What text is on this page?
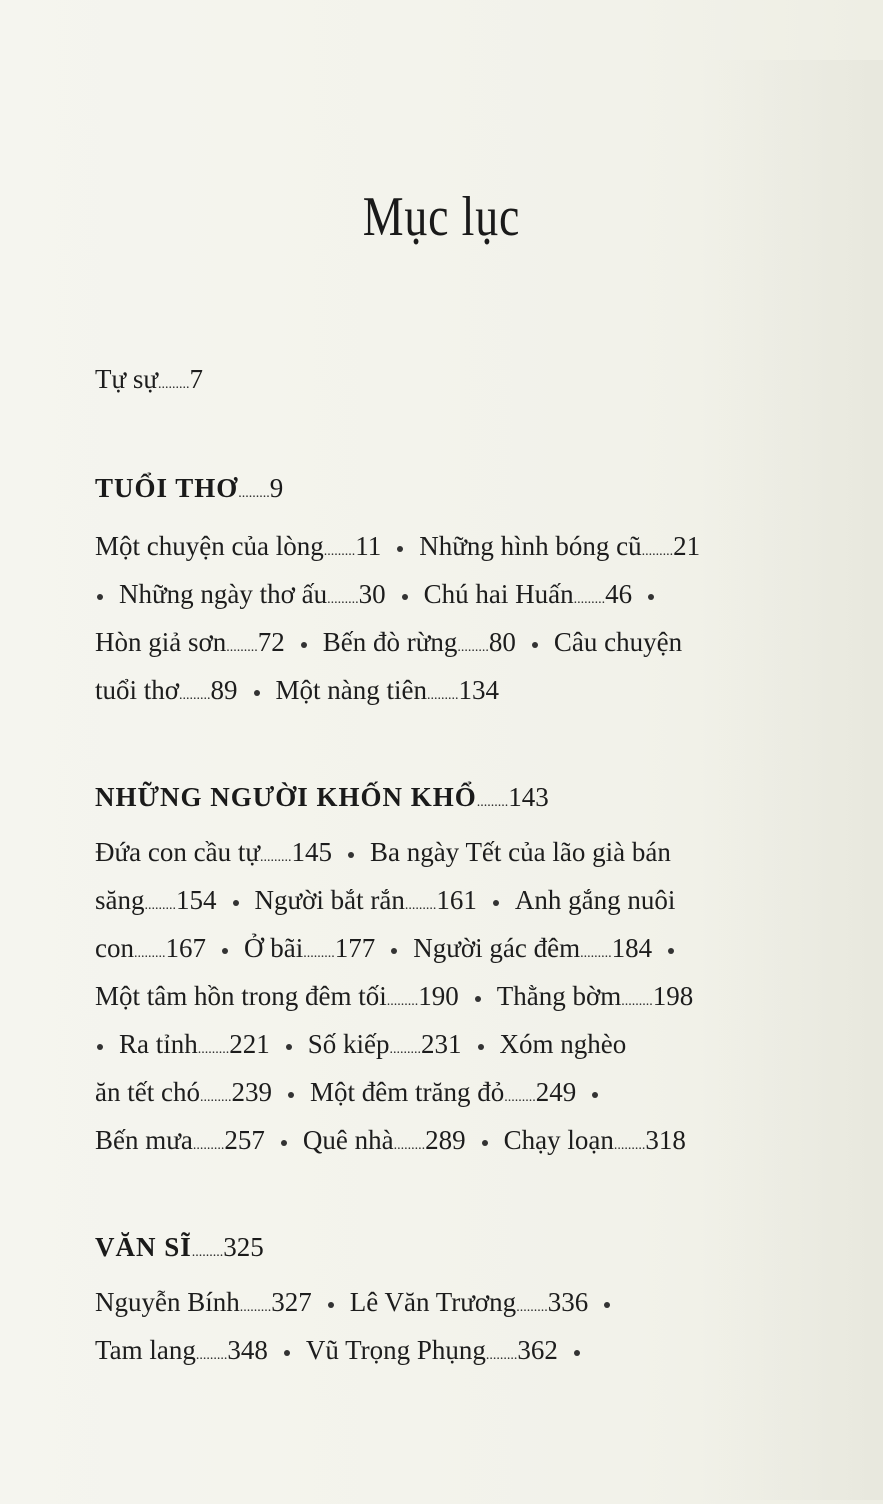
Mục lục
Tự sự.........7
TUỔI THƠ.........9
Một chuyện của lòng.........11 Những hình bóng cũ.........21
Những ngày thơ ấu.........30 Chú hai Huấn.........46
Hòn giả sơn.........72 Bến đò rừng.........80 Câu chuyện
tuổi thơ.........89 Một nàng tiên.........134
NHỮNG NGƯỜI KHỐN KHỔ.........143
Đứa con cầu tự.........145 Ba ngày Tết của lão già bán
săng.........154 Người bắt rắn.........161 Anh gắng nuôi
con.........167 Ở bãi.........177 Người gác đêm.........184
Một tâm hồn trong đêm tối.........190 Thằng bờm.........198
Ra tỉnh.........221 Số kiếp.........231 Xóm nghèo
ăn tết chó.........239 Một đêm trăng đỏ.........249
Bến mưa.........257 Quê nhà.........289 Chạy loạn.........318
VĂN SĨ.........325
Nguyễn Bính.........327 Lê Văn Trương.........336
Tam lang.........348 Vũ Trọng Phụng.........362
